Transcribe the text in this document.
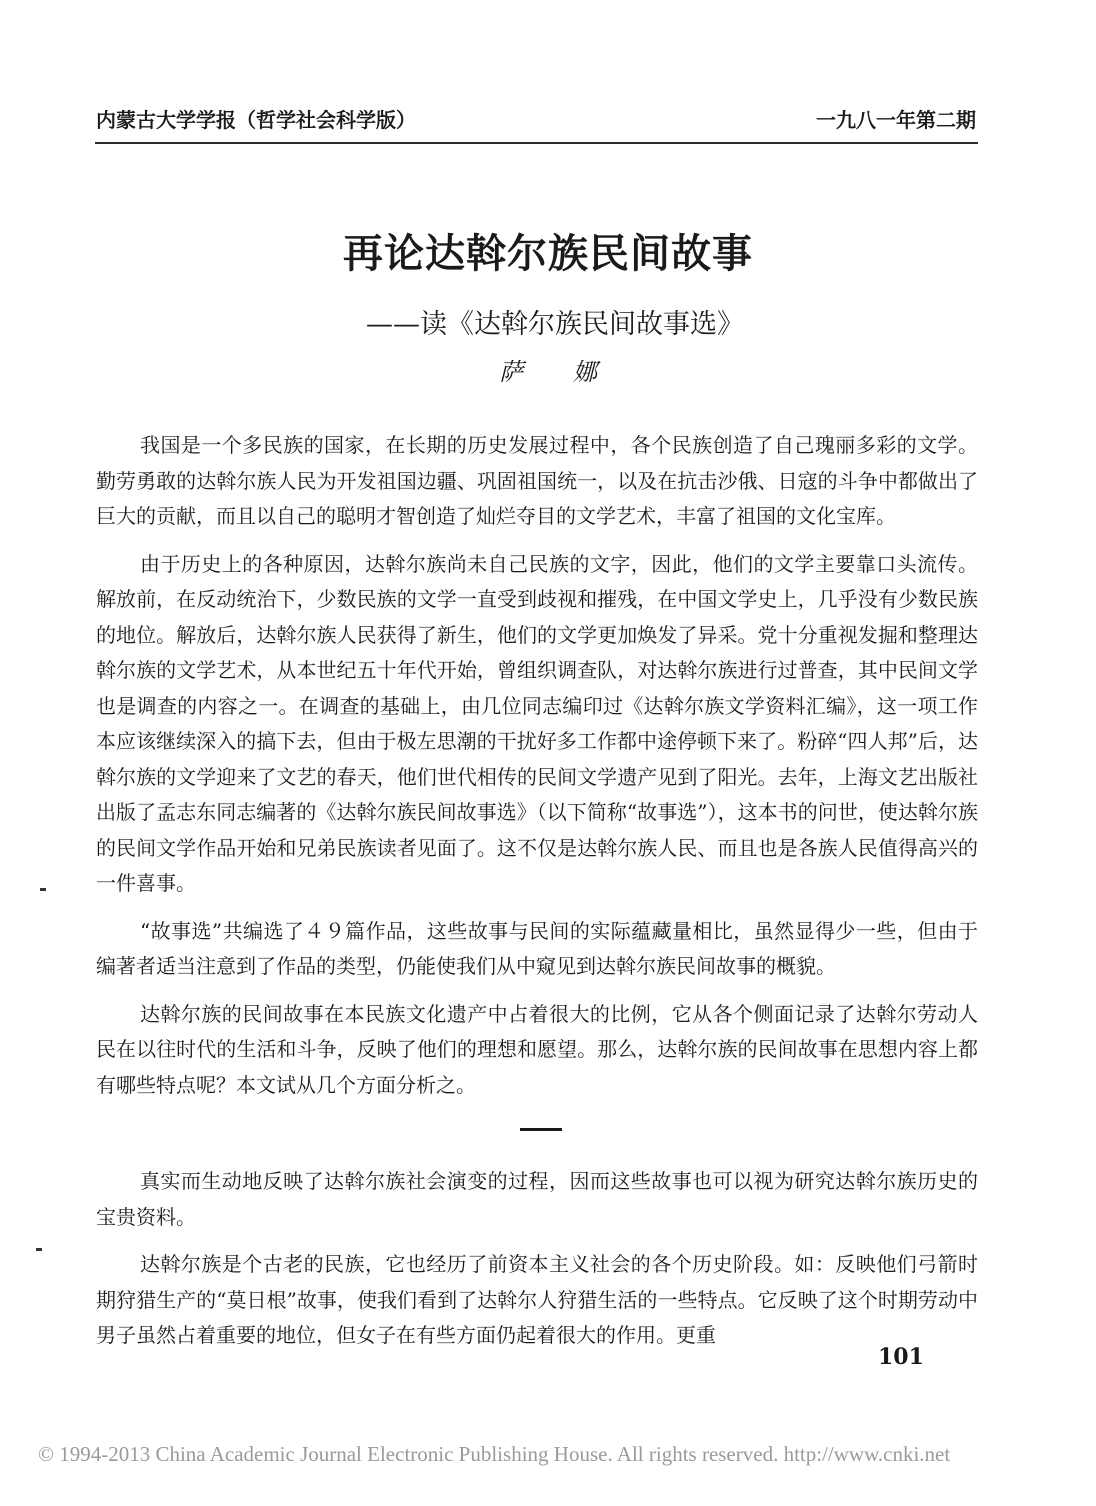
内蒙古大学学报（哲学社会科学版）	一九八一年第二期
再论达斡尔族民间故事
——读《达斡尔族民间故事选》
萨娜

我国是一个多民族的国家，在长期的历史发展过程中，各个民族创造了自己瑰丽多彩的文学。勤劳勇敢的达斡尔族人民为开发祖国边疆、巩固祖国统一，以及在抗击沙俄、日寇的斗争中都做出了巨大的贡献，而且以自己的聪明才智创造了灿烂夺目的文学艺术，丰富了祖国的文化宝库。

由于历史上的各种原因，达斡尔族尚未自己民族的文字，因此，他们的文学主要靠口头流传。解放前，在反动统治下，少数民族的文学一直受到歧视和摧残，在中国文学史上，几乎没有少数民族的地位。解放后，达斡尔族人民获得了新生，他们的文学更加焕发了异采。党十分重视发掘和整理达斡尔族的文学艺术，从本世纪五十年代开始，曾组织调查队，对达斡尔族进行过普查，其中民间文学也是调查的内容之一。在调查的基础上，由几位同志编印过《达斡尔族文学资料汇编》，这一项工作本应该继续深入的搞下去，但由于极左思潮的干扰好多工作都中途停顿下来了。粉碎“四人邦”后，达斡尔族的文学迎来了文艺的春天，他们世代相传的民间文学遗产见到了阳光。去年，上海文艺出版社出版了孟志东同志编著的《达斡尔族民间故事选》（以下简称“故事选”），这本书的问世，使达斡尔族的民间文学作品开始和兄弟民族读者见面了。这不仅是达斡尔族人民、而且也是各族人民值得高兴的一件喜事。

“故事选”共编选了４９篇作品，这些故事与民间的实际蕴藏量相比，虽然显得少一些，但由于编著者适当注意到了作品的类型，仍能使我们从中窥见到达斡尔族民间故事的概貌。

达斡尔族的民间故事在本民族文化遗产中占着很大的比例，它从各个侧面记录了达斡尔劳动人民在以往时代的生活和斗争，反映了他们的理想和愿望。那么，达斡尔族的民间故事在思想内容上都有哪些特点呢？本文试从几个方面分析之。

真实而生动地反映了达斡尔族社会演变的过程，因而这些故事也可以视为研究达斡尔族历史的宝贵资料。

达斡尔族是个古老的民族，它也经历了前资本主义社会的各个历史阶段。如：反映他们弓箭时期狩猎生产的“莫日根”故事，使我们看到了达斡尔人狩猎生活的一些特点。它反映了这个时期劳动中男子虽然占着重要的地位，但女子在有些方面仍起着很大的作用。更重

101
© 1994-2013 China Academic Journal Electronic Publishing House. All rights reserved. http://www.cnki.net
